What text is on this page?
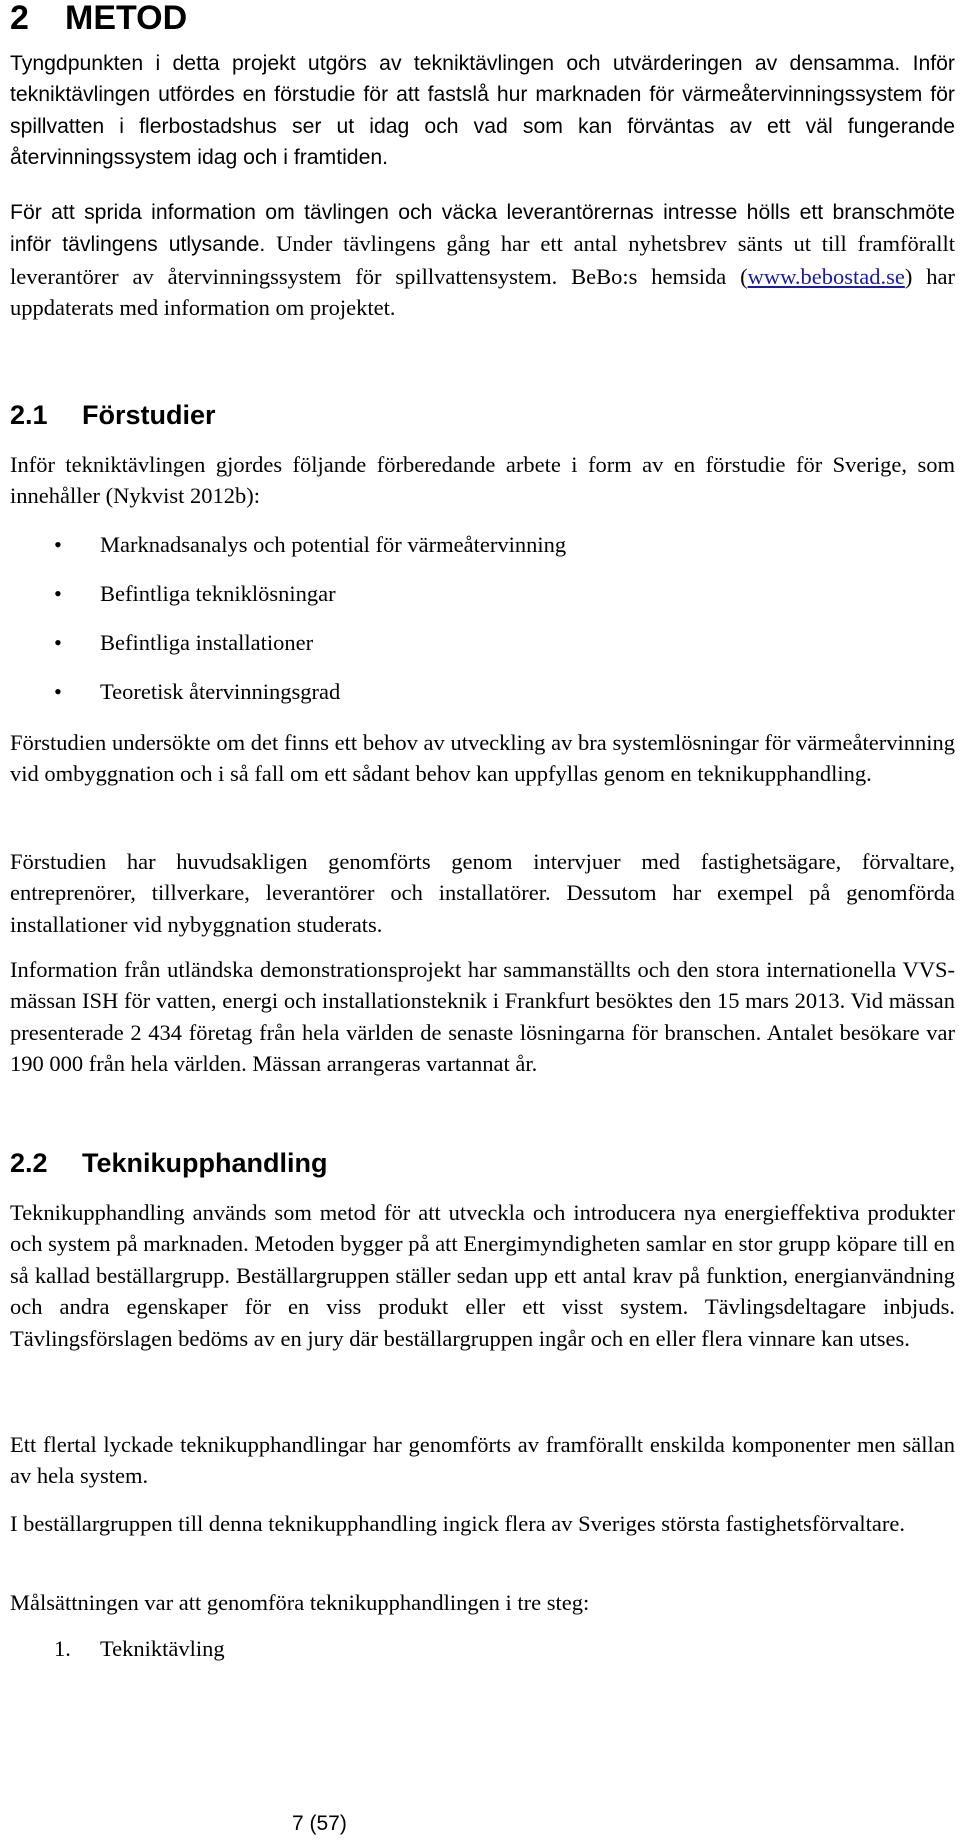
2 METOD
Tyngdpunkten i detta projekt utgörs av tekniktävlingen och utvärderingen av densamma. Inför tekniktävlingen utfördes en förstudie för att fastslå hur marknaden för värmeåtervinningssystem för spillvatten i flerbostadshus ser ut idag och vad som kan förväntas av ett väl fungerande återvinningssystem idag och i framtiden.
För att sprida information om tävlingen och väcka leverantörernas intresse hölls ett branschmöte inför tävlingens utlysande. Under tävlingens gång har ett antal nyhetsbrev sänts ut till framförallt leverantörer av återvinningssystem för spillvattensystem. BeBo:s hemsida (www.bebostad.se) har uppdaterats med information om projektet.
2.1 Förstudier
Inför tekniktävlingen gjordes följande förberedande arbete i form av en förstudie för Sverige, som innehåller (Nykvist 2012b):
• Marknadsanalys och potential för värmeåtervinning
• Befintliga tekniklösningar
• Befintliga installationer
• Teoretisk återvinningsgrad
Förstudien undersökte om det finns ett behov av utveckling av bra systemlösningar för värmeåtervinning vid ombyggnation och i så fall om ett sådant behov kan uppfyllas genom en teknikupphandling.
Förstudien har huvudsakligen genomförts genom intervjuer med fastighetsägare, förvaltare, entreprenörer, tillverkare, leverantörer och installatörer. Dessutom har exempel på genomförda installationer vid nybyggnation studerats.
Information från utländska demonstrationsprojekt har sammanställts och den stora internationella VVS-mässan ISH för vatten, energi och installationsteknik i Frankfurt besöktes den 15 mars 2013. Vid mässan presenterade 2 434 företag från hela världen de senaste lösningarna för branschen. Antalet besökare var 190 000 från hela världen. Mässan arrangeras vartannat år.
2.2 Teknikupphandling
Teknikupphandling används som metod för att utveckla och introducera nya energieffektiva produkter och system på marknaden. Metoden bygger på att Energimyndigheten samlar en stor grupp köpare till en så kallad beställargrupp. Beställargruppen ställer sedan upp ett antal krav på funktion, energianvändning och andra egenskaper för en viss produkt eller ett visst system. Tävlingsdeltagare inbjuds. Tävlingsförslagen bedöms av en jury där beställargruppen ingår och en eller flera vinnare kan utses.
Ett flertal lyckade teknikupphandlingar har genomförts av framförallt enskilda komponenter men sällan av hela system.
I beställargruppen till denna teknikupphandling ingick flera av Sveriges största fastighetsförvaltare.
Målsättningen var att genomföra teknikupphandlingen i tre steg:
1. Tekniktävling
7 (57)
